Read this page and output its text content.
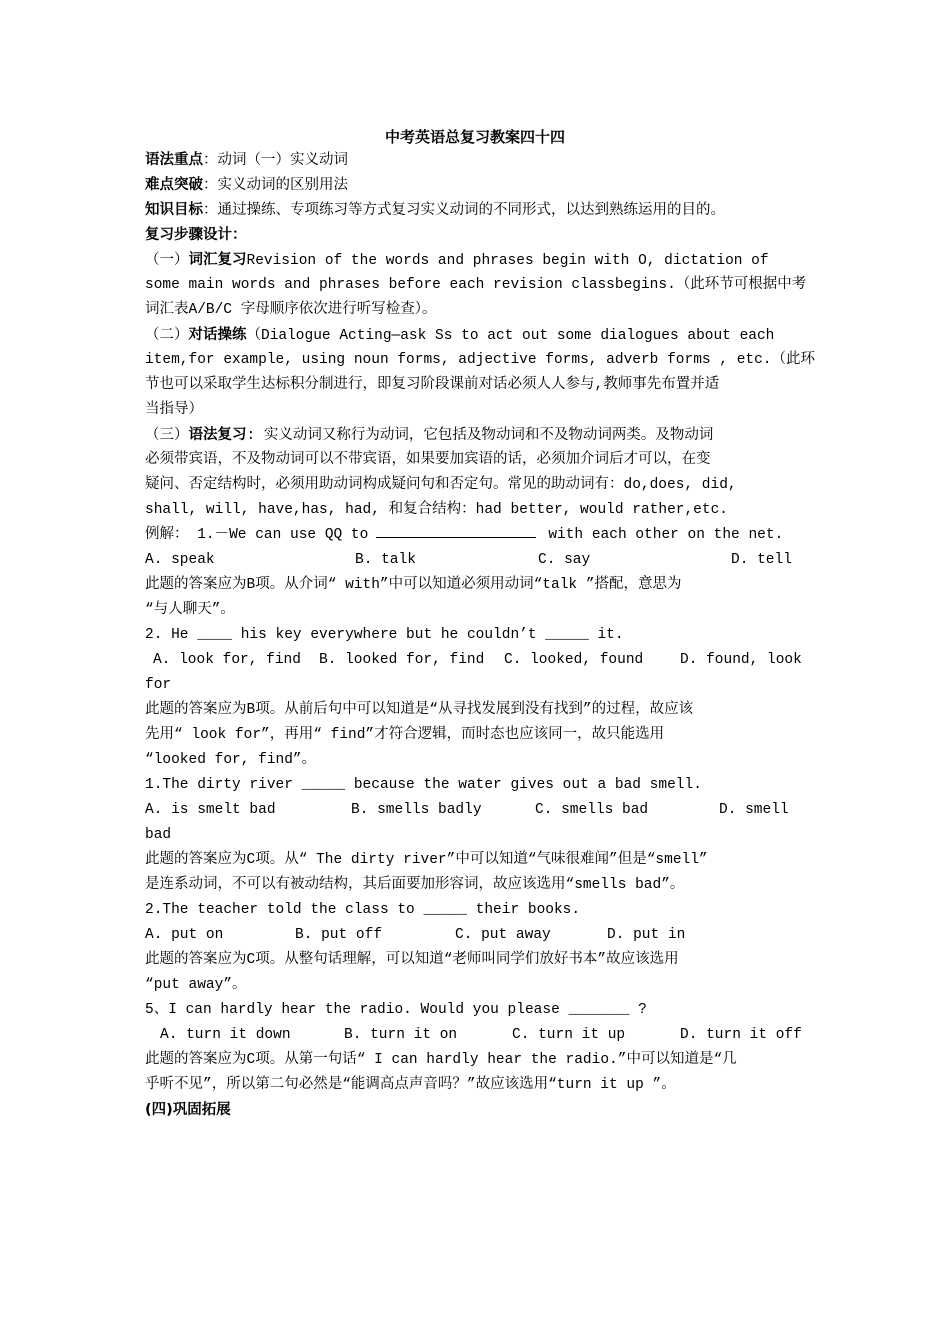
中考英语总复习教案四十四
语法重点：动词（一）实义动词
难点突破：实义动词的区别用法
知识目标：通过操练、专项练习等方式复习实义动词的不同形式，以达到熟练运用的目的。
复习步骤设计：
（一）词汇复习Revision of the words and phrases begin with O, dictation of
some main words and phrases before each revision classbegins.（此环节可根据中考
词汇表A/B/C 字母顺序依次进行听写检查）。
（二）对话操练（Dialogue Acting—ask Ss to act out some dialogues about each
item,for example, using noun forms, adjective forms, adverb forms , etc.（此环
节也可以采取学生达标积分制进行，即复习阶段课前对话必须人人参与,教师事先布置并适
当指导）
（三）语法复习: 实义动词又称行为动词，它包括及物动词和不及物动词两类。及物动词
必须带宾语，不及物动词可以不带宾语，如果要加宾语的话，必须加介词后才可以，在变
疑问、否定结构时，必须用助动词构成疑问句和否定句。常见的助动词有：do,does, did,
shall, will, have,has, had, 和复合结构：had better, would rather,etc.
例解： 1.－We can use QQ to	with each other on the net.
A. speak	B. talk	C. say	D. tell
此题的答案应为B项。从介词“ with”中可以知道必须用动词“talk ”搭配，意思为
“与人聊天”。
2. He ____ his key everywhere but he couldn’t _____ it.
A. look for, find	B. looked for, find	C. looked, found	D. found, look
for
此题的答案应为B项。从前后句中可以知道是“从寻找发展到没有找到”的过程，故应该
先用“ look for”，再用“ find”才符合逻辑，而时态也应该同一，故只能选用
“looked for, find”。
1.The dirty river _____ because the water gives out a bad smell.
A. is smelt bad	B. smells badly	C. smells bad	D. smell
bad
此题的答案应为C项。从“ The dirty river”中可以知道“气味很难闻”但是“smell”
是连系动词，不可以有被动结构，其后面要加形容词，故应该选用“smells bad”。
2.The teacher told the class to _____ their books.
A. put on	B. put off	C. put away	D. put in
此题的答案应为C项。从整句话理解，可以知道“老师叫同学们放好书本”故应该选用
“put away”。
5、I can hardly hear the radio. Would you please _______ ?
A. turn it down	B. turn it on	C. turn it up	D. turn it off
此题的答案应为C项。从第一句话“ I can hardly hear the radio.”中可以知道是“几
乎听不见”，所以第二句必然是“能调高点声音吗？”故应该选用“turn it up ”。
(四)巩固拓展
